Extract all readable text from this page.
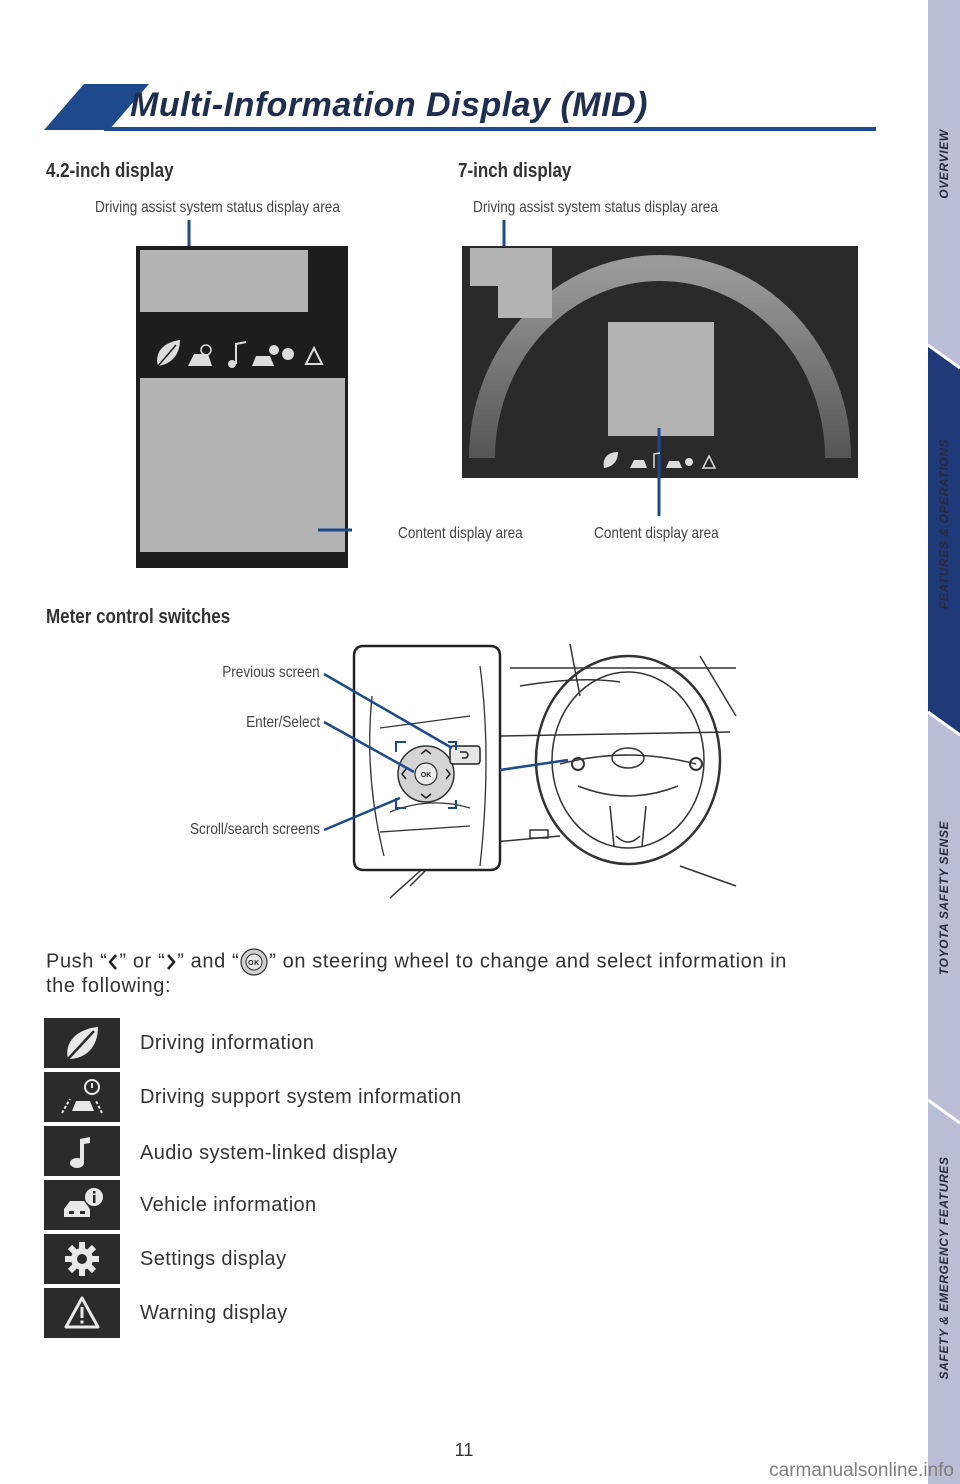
Multi-Information Display (MID)
4.2-inch display	7-inch display
Driving assist system status display area
Content display area
Driving assist system status display area
Content display area
Meter control switches
Previous screen
Enter/Select
Scroll/search screens
OK
Push “ ” or “ ” and “ OK ” on steering wheel to change and select information in
the following:
Driving information
Driving support system information
Audio system-linked display
Vehicle information
Settings display
Warning display
OVERVIEW
FEATURES & OPERATIONS
TOYOTA SAFETY SENSE
SAFETY & EMERGENCY FEATURES
11
carmanualsonline.info
